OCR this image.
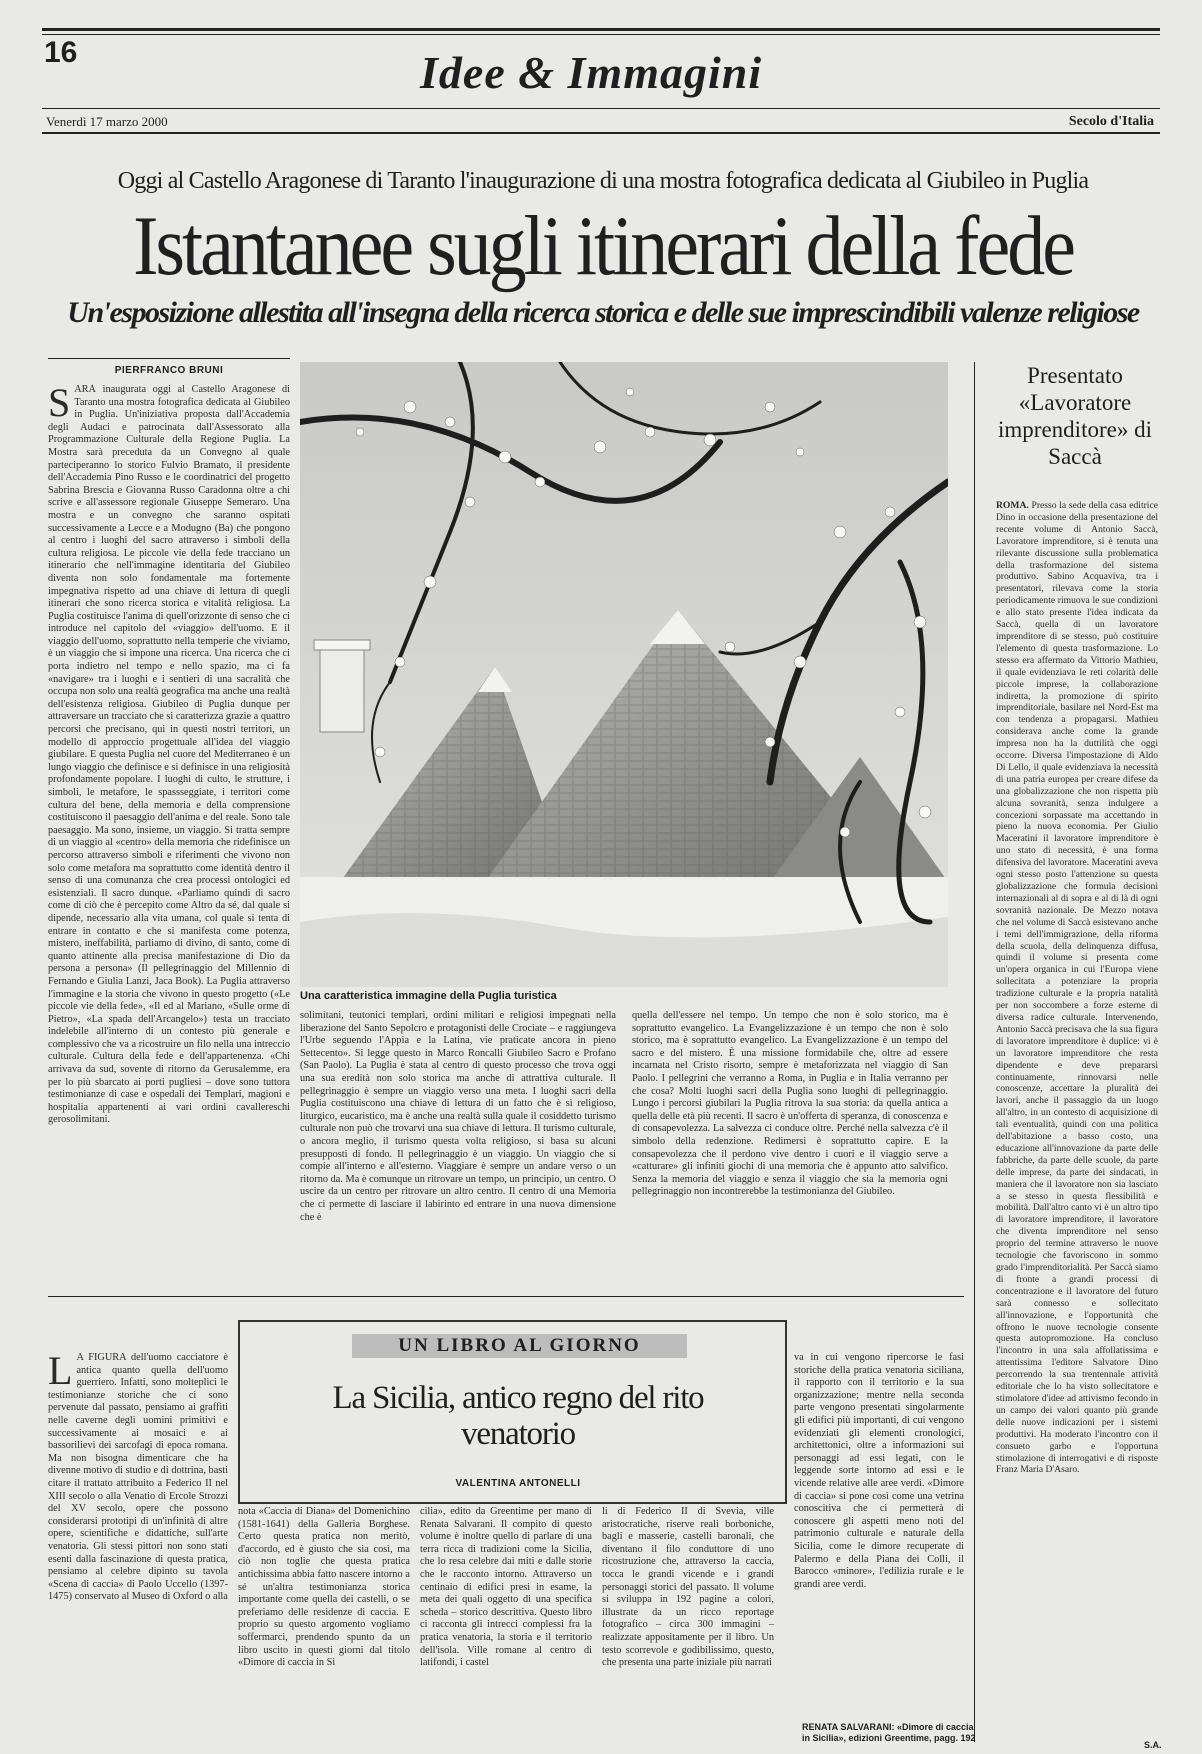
16	Idee & Immagini
Venerdì 17 marzo 2000	Secolo d'Italia
Oggi al Castello Aragonese di Taranto l'inaugurazione di una mostra fotografica dedicata al Giubileo in Puglia
Istantanee sugli itinerari della fede
Un'esposizione allestita all'insegna della ricerca storica e delle sue imprescindibili valenze religiose
PIERFRANCO BRUNI
S ARÀ inaugurata oggi al Castello Aragonese di Taranto una mostra fotografica dedicata al Giubileo in Puglia. Un'iniziativa proposta dall'Accademia degli Audaci e patrocinata dall'Assessorato alla Programmazione Culturale della Regione Puglia. La Mostra sarà preceduta da un Convegno al quale parteciperanno lo storico Fulvio Bramato, il presidente dell'Accademia Pino Russo e le coordinatrici del progetto Sabrina Brescia e Giovanna Russo Caradonna oltre a chi scrive e all'assessore regionale Giuseppe Semeraro. Una mostra e un convegno che saranno ospitati successivamente a Lecce e a Modugno (Ba) che pongono al centro i luoghi del sacro attraverso i simboli della cultura religiosa. Le piccole vie della fede tracciano un itinerario che nell'immagine identitaria del Giubileo diventa non solo fondamentale ma fortemente impegnativa rispetto ad una chiave di lettura di quegli itinerari che sono ricerca storica e vitalità religiosa. La Puglia costituisce l'anima di quell'orizzonte di senso che ci introduce nel capitolo del «viaggio» dell'uomo. E il viaggio dell'uomo, soprattutto nella temperie che viviamo, è un viaggio che si impone una ricerca. Una ricerca che ci porta indietro nel tempo e nello spazio, ma ci fa «navigare» tra i luoghi e i sentieri di una sacralità che occupa non solo una realtà geografica ma anche una realtà dell'esistenza religiosa. Giubileo di Puglia dunque per attraversare un tracciato che si caratterizza grazie a quattro percorsi che precisano, qui in questi nostri territori, un modello di approccio progettuale all'idea del viaggio giubilare. E questa Puglia nel cuore del Mediterraneo è un lungo viaggio che definisce e si definisce in una religiosità profondamente popolare. I luoghi di culto, le strutture, i simboli, le metafore, le spassseggiate, i territori come cultura del bene, della memoria e della comprensione costituiscono il paesaggio dell'anima e del reale. Sono tale paesaggio. Ma sono, insieme, un viaggio. Si tratta sempre di un viaggio al «centro» della memoria che ridefinisce un percorso attraverso simboli e riferimenti che vivono non solo come metafora ma soprattutto come identità dentro il senso di una comunanza che crea processi ontologici ed esistenziali. Il sacro dunque. «Parliamo quindi di sacro come di ciò che è percepito come Altro da sé, dal quale si dipende, necessario alla vita umana, col quale si tenta di entrare in contatto e che si manifesta come potenza, mistero, ineffabilità, parliamo di divino, di santo, come di quanto attinente alla precisa manifestazione di Dio da persona a persona» (Il pellegrinaggio del Millennio di Fernando e Giulia Lanzi, Jaca Book). La Puglia attraverso l'immagine e la storia che vivono in questo progetto («Le piccole vie della fede», «Il ed al Mariano, «Sulle orme di Pietro», «La spada dell'Arcangelo») testa un tracciato indelebile all'interno di un contesto più generale e complessivo che va a ricostruire un filo nella una intreccio culturale. Cultura della fede e dell'appartenenza. «Chi arrivava da sud, sovente di ritorno da Gerusalemme, era per lo più sbarcato ai porti pugliesi – dove sono tuttora testimonianze di case e ospedali dei Templari, magioni e hospitalia appartenenti ai vari ordini cavallereschi gerosolimitani.
Una caratteristica immagine della Puglia turistica
solimitani, teutonici templari, ordini militari e religiosi impegnati nella liberazione del Santo Sepolcro e protagonisti delle Crociate – e raggiungeva l'Urbe seguendo l'Appia e la Latina, vie praticate ancora in pieno Settecento». Si legge questo in Marco Roncalli Giubileo Sacro e Profano (San Paolo). La Puglia è stata al centro di questo processo che trova oggi una sua eredità non solo storica ma anche di attrattiva culturale. Il pellegrinaggio è sempre un viaggio verso una meta. I luoghi sacri della Puglia costituiscono una chiave di lettura di un fatto che è sì religioso, liturgico, eucaristico, ma è anche una realtà sulla quale il cosiddetto turismo culturale non può che trovarvi una sua chiave di lettura. Il turismo culturale, o ancora meglio, il turismo questa volta religioso, si basa su alcuni presupposti di fondo. Il pellegrinaggio è un viaggio. Un viaggio che si compie all'interno e all'esterno. Viaggiare è sempre un andare verso o un ritorno da. Ma è comunque un ritrovare un tempo, un principio, un centro. O uscire da un centro per ritrovare un altro centro. Il centro di una Memoria che ci permette di lasciare il labirinto ed entrare in una nuova dimensione che è
quella dell'essere nel tempo. Un tempo che non è solo storico, ma è soprattutto evangelico. La Evangelizzazione è un tempo che non è solo storico, ma è soprattutto evangelico. La Evangelizzazione è un tempo del sacro e del mistero. È una missione formidabile che, oltre ad essere incarnata nel Cristo risorto, sempre è metaforizzata nel viaggio di San Paolo. I pellegrini che verranno a Roma, in Puglia e in Italia verranno per che cosa? Molti luoghi sacri della Puglia sono luoghi di pellegrinaggio. Lungo i percorsi giubilari la Puglia ritrova la sua storia: da quella antica a quella delle età più recenti. Il sacro è un'offerta di speranza, di conoscenza e di consapevolezza. La salvezza ci conduce oltre. Perché nella salvezza c'è il simbolo della redenzione. Redimersi è soprattutto capire. E la consapevolezza che il perdono vive dentro i cuori e il viaggio serve a «catturare» gli infiniti giochi di una memoria che è appunto atto salvifico. Senza la memoria del viaggio e senza il viaggio che sia la memoria ogni pellegrinaggio non incontrerebbe la testimonianza del Giubileo.
Presentato «Lavoratore imprenditore» di Saccà
ROMA. Presso la sede della casa editrice Dino in occasione della presentazione del recente volume di Antonio Saccà, Lavoratore imprenditore, si è tenuta una rilevante discussione sulla problematica della trasformazione del sistema produttivo. Sabino Acquaviva, tra i presentatori, rilevava come la storia periodicamente rimuova le sue condizioni e allo stato presente l'idea indicata da Saccà, quella di un lavoratore imprenditore di se stesso, può costituire l'elemento di questa trasformazione. Lo stesso era affermato da Vittorio Mathieu, il quale evidenziava le reti colarità delle piccole imprese, la collaborazione indiretta, la promozione di spirito imprenditoriale, basilare nel Nord-Est ma con tendenza a propagarsi. Mathieu considerava anche come la grande impresa non ha la duttilità che oggi occorre. Diversa l'impostazione di Aldo Di Lello, il quale evidenziava la necessità di una patria europea per creare difese da una globalizzazione che non rispetta più alcuna sovranità, senza indulgere a concezioni sorpassate ma accettando in pieno la nuova economia. Per Giulio Maceratini il lavoratore imprenditore è uno stato di necessità, è una forma difensiva del lavoratore. Maceratini aveva ogni stesso posto l'attenzione su questa globalizzazione che formula decisioni internazionali al di sopra e al di là di ogni sovranità nazionale. De Mezzo notava che nel volume di Saccà esistevano anche i temi dell'immigrazione, della riforma della scuola, della delinquenza diffusa, quindi il volume si presenta come un'opera organica in cui l'Europa viene sollecitata a potenziare la propria tradizione culturale e la propria natalità per non soccombere a forze esterne di diversa radice culturale. Intervenendo, Antonio Saccà precisava che la sua figura di lavoratore imprenditore è duplice: vi è un lavoratore imprenditore che resta dipendente e deve prepararsi continuamente, rinnovarsi nelle conoscenze, accettare la pluralità dei lavori, anche il passaggio da un luogo all'altro, in un contesto di acquisizione di tali eventualità, quindi con una politica dell'abitazione a basso costo, una educazione all'innovazione da parte delle fabbriche, da parte delle scuole, da parte delle imprese, da parte dei sindacati, in maniera che il lavoratore non sia lasciato a se stesso in questa flessibilità e mobilità. Dall'altro canto vi è un altro tipo di lavoratore imprenditore, il lavoratore che diventa imprenditore nel senso proprio del termine attraverso le nuove tecnologie che favoriscono in sommo grado l'imprenditorialità. Per Saccà siamo di fronte a grandi processi di concentrazione e il lavoratore del futuro sarà connesso e sollecitato all'innovazione, e l'opportunità che offrono le nuove tecnologie consente questa autopromozione. Ha concluso l'incontro in una sala affollatissima e attentissima l'editore Salvatore Dino percorrendo la sua trentennale attività editoriale che lo ha visto sollecitatore e stimolatore d'idee ad attivismo fecondo in un campo dei valori quanto più grande delle nuove indicazioni per i sistemi produttivi. Ha moderato l'incontro con il consueto garbo e l'opportuna stimolazione di interrogativi e di risposte Franz Maria D'Asaro.
S.A.
UN LIBRO AL GIORNO
La Sicilia, antico regno del rito venatorio
VALENTINA ANTONELLI
L A FIGURA dell'uomo cacciatore è antica quanto quella dell'uomo guerriero. Infatti, sono molteplici le testimonianze storiche che ci sono pervenute dal passato, pensiamo ai graffiti nelle caverne degli uomini primitivi e successivamente ai mosaici e ai bassorilievi dei sarcofagi di epoca romana. Ma non bisogna dimenticare che ha divenne motivo di studio e di dottrina, basti citare il trattato attribuito a Federico II nel XIII secolo o alla Venatio di Ercole Strozzi del XV secolo, opere che possono considerarsi prototipi di un'infinità di altre opere, scientifiche e didattiche, sull'arte venatoria. Gli stessi pittori non sono stati esenti dalla fascinazione di questa pratica, pensiamo al celebre dipinto su tavola «Scena di caccia» di Paolo Uccello (1397-1475) conservato al Museo di Oxford o alla
nota «Caccia di Diana» del Domenichino (1581-1641) della Galleria Borghese. Certo questa pratica non meritò, d'accordo, ed è giusto che sia così, ma ciò non toglie che questa pratica antichissima abbia fatto nascere intorno a sé un'altra testimonianza storica importante come quella dei castelli, o se preferiamo delle residenze di caccia. E proprio su questo argomento vogliamo soffermarci, prendendo spunto da un libro uscito in questi giorni dal titolo «Dimore di caccia in Si
cilia», edito da Greentime per mano di Renata Salvarani. Il compito di questo volume è inoltre quello di parlare di una terra ricca di tradizioni come la Sicilia, che lo resa celebre dai miti e dalle storie che le racconto intorno. Attraverso un centinaio di edifici presi in esame, la meta dei quali oggetto di una specifica scheda – storico descrittiva. Questo libro ci racconta gli intrecci complessi fra la pratica venatoria, la storia e il territorio dell'isola. Ville romane al centro di latifondi, i castel
li di Federico II di Svevia, ville aristocratiche, riserve reali borboniche, bagli e masserie, castelli baronali, che diventano il filo conduttore di uno ricostruzione che, attraverso la caccia, tocca le grandi vicende e i grandi personaggi storici del passato. Il volume si sviluppa in 192 pagine a colori, illustrate da un ricco reportage fotografico – circa 300 immagini – realizzate appositamente per il libro. Un testo scorrevole e godibilissimo, questo, che presenta una parte iniziale più narrati
va in cui vengono ripercorse le fasi storiche della pratica venatoria siciliana, il rapporto con il territorio e la sua organizzazione; mentre nella seconda parte vengono presentati singolarmente gli edifici più importanti, di cui vengono evidenziati gli elementi cronologici, architettonici, oltre a informazioni sui personaggi ad essi legati, con le leggende sorte intorno ad essi e le vicende relative alle aree verdi. «Dimore di caccia» si pone così come una vetrina conoscitiva che ci permetterà di conoscere gli aspetti meno noti del patrimonio culturale e naturale della Sicilia, come le dimore recuperate di Palermo e della Piana dei Colli, il Barocco «minore», l'edilizia rurale e le grandi aree verdi.
RENATA SALVARANI: «Dimore di caccia in Sicilia», edizioni Greentime, pagg. 192
